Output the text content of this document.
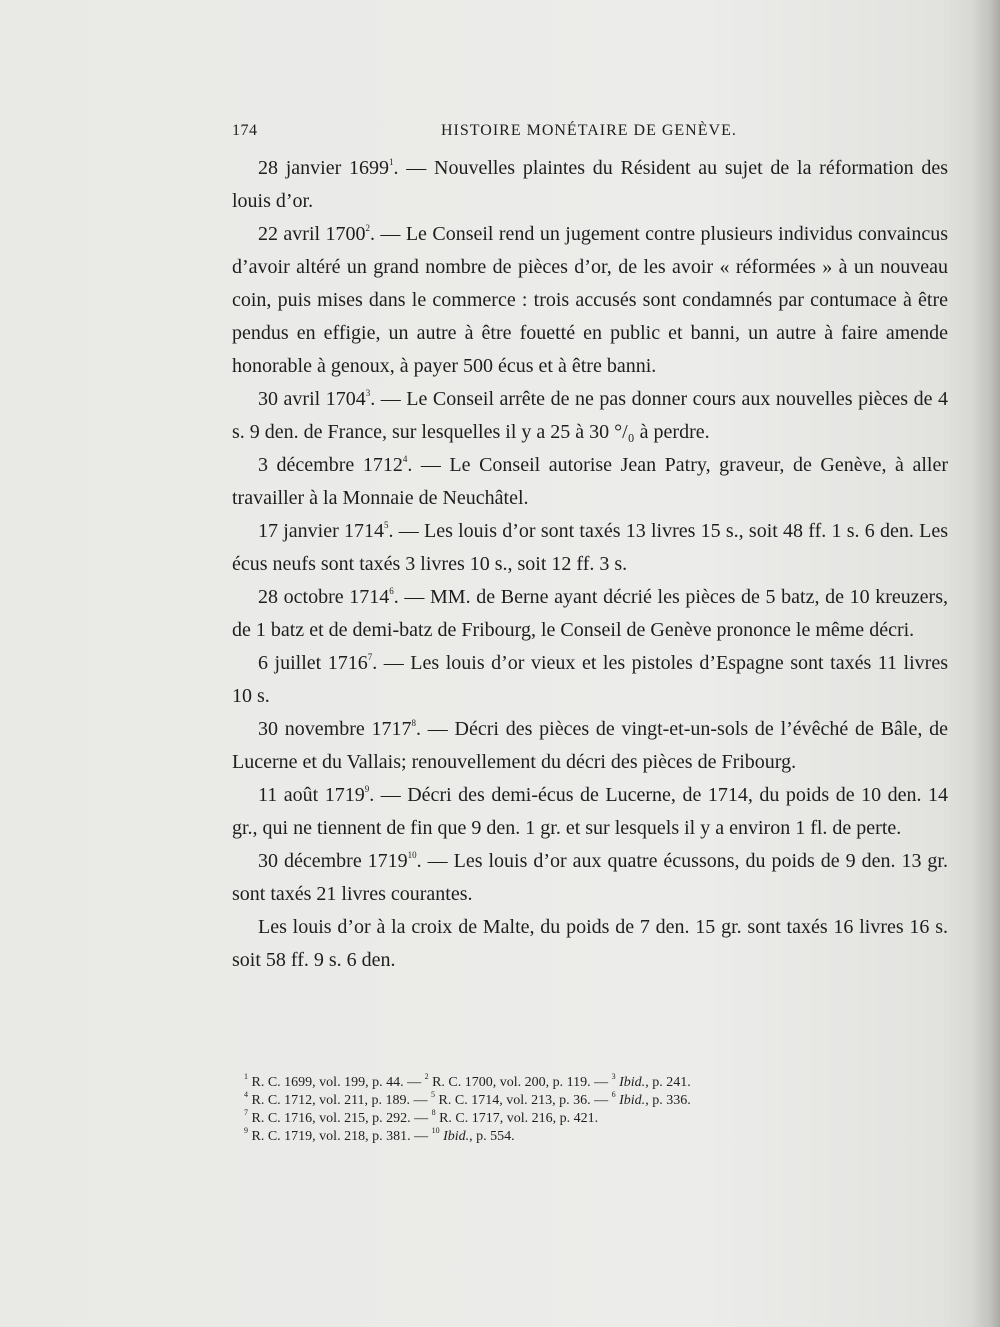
174	HISTOIRE MONÉTAIRE DE GENÈVE.

28 janvier 1699$^1$. — Nouvelles plaintes du Résident au sujet de la réformation des louis d’or.

22 avril 1700$^2$. — Le Conseil rend un jugement contre plusieurs individus convaincus d’avoir altéré un grand nombre de pièces d’or, de les avoir « réformées » à un nouveau coin, puis mises dans le commerce : trois accusés sont condamnés par contumace à être pendus en effigie, un autre à être fouetté en public et banni, un autre à faire amende honorable à genoux, à payer 500 écus et à être banni.

30 avril 1704$^3$. — Le Conseil arrête de ne pas donner cours aux nouvelles pièces de 4 s. 9 den. de France, sur lesquelles il y a 25 à 30 °/₀ à perdre.

3 décembre 1712$^4$. — Le Conseil autorise Jean Patry, graveur, de Genève, à aller travailler à la Monnaie de Neuchâtel.

17 janvier 1714$^5$. — Les louis d’or sont taxés 13 livres 15 s., soit 48 ff. 1 s. 6 den. Les écus neufs sont taxés 3 livres 10 s., soit 12 ff. 3 s.

28 octobre 1714$^6$. — MM. de Berne ayant décrié les pièces de 5 batz, de 10 kreuzers, de 1 batz et de demi-batz de Fribourg, le Conseil de Genève prononce le même décri.

6 juillet 1716$^7$. — Les louis d’or vieux et les pistoles d’Espagne sont taxés 11 livres 10 s.

30 novembre 1717$^8$. — Décri des pièces de vingt-et-un-sols de l’évêché de Bâle, de Lucerne et du Vallais; renouvellement du décri des pièces de Fribourg.

11 août 1719$^9$. — Décri des demi-écus de Lucerne, de 1714, du poids de 10 den. 14 gr., qui ne tiennent de fin que 9 den. 1 gr. et sur lesquels il y a environ 1 fl. de perte.

30 décembre 1719$^{10}$. — Les louis d’or aux quatre écussons, du poids de 9 den. 13 gr. sont taxés 21 livres courantes.

Les louis d’or à la croix de Malte, du poids de 7 den. 15 gr. sont taxés 16 livres 16 s. soit 58 ff. 9 s. 6 den.

$^1$ R. C. 1699, vol. 199, p. 44. — $^2$ R. C. 1700, vol. 200, p. 119. — $^3$ Ibid., p. 241.
$^4$ R. C. 1712, vol. 211, p. 189. — $^5$ R. C. 1714, vol. 213, p. 36. — $^6$ Ibid., p. 336.
$^7$ R. C. 1716, vol. 215, p. 292. — $^8$ R. C. 1717, vol. 216, p. 421.
$^9$ R. C. 1719, vol. 218, p. 381. — $^{10}$ Ibid., p. 554.
